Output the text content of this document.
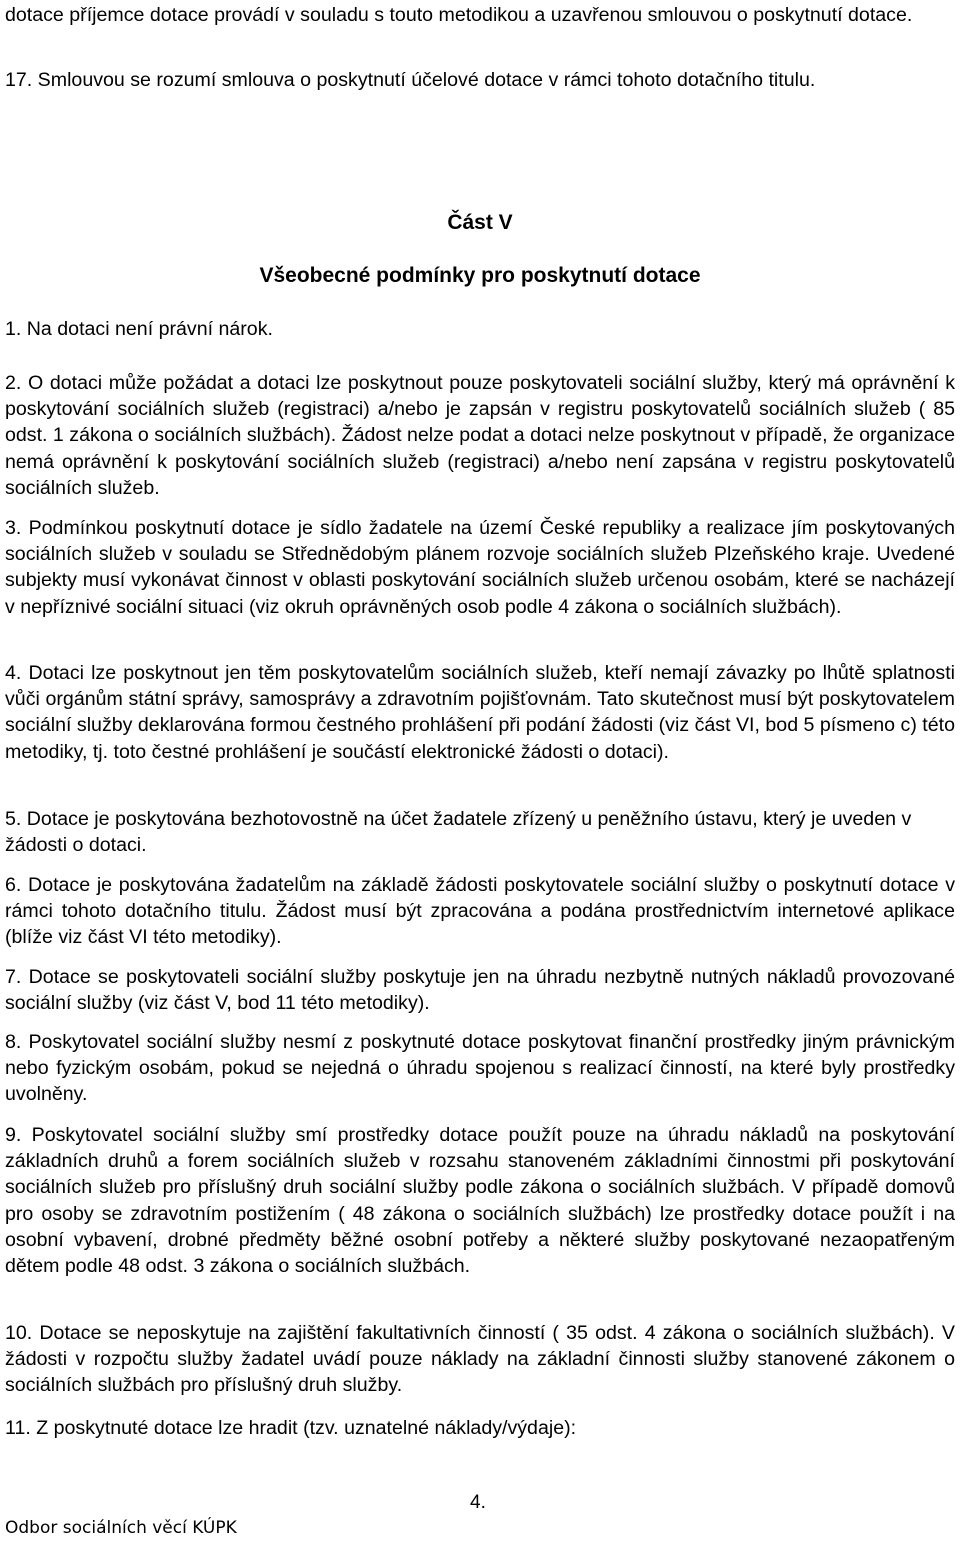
dotace příjemce dotace provádí v souladu s touto metodikou a uzavřenou smlouvou o poskytnutí dotace.

17. Smlouvou se rozumí smlouva o poskytnutí účelové dotace v rámci tohoto dotačního titulu.

Část V
Všeobecné podmínky pro poskytnutí dotace

1. Na dotaci není právní nárok.

2. O dotaci může požádat a dotaci lze poskytnout pouze poskytovateli sociální služby, který má oprávnění k poskytování sociálních služeb (registraci) a/nebo je zapsán v registru poskytovatelů sociálních služeb ( 85 odst. 1 zákona o sociálních službách). Žádost nelze podat a dotaci nelze poskytnout v případě, že organizace nemá oprávnění k poskytování sociálních služeb (registraci) a/nebo není zapsána v registru poskytovatelů sociálních služeb.

3. Podmínkou poskytnutí dotace je sídlo žadatele na území České republiky a realizace jím poskytovaných sociálních služeb v souladu se Střednědobým plánem rozvoje sociálních služeb Plzeňského kraje. Uvedené subjekty musí vykonávat činnost v oblasti poskytování sociálních služeb určenou osobám, které se nacházejí v nepříznivé sociální situaci (viz okruh oprávněných osob podle 4 zákona o sociálních službách).

4. Dotaci lze poskytnout jen těm poskytovatelům sociálních služeb, kteří nemají závazky po lhůtě splatnosti vůči orgánům státní správy, samosprávy a zdravotním pojišťovnám. Tato skutečnost musí být poskytovatelem sociální služby deklarována formou čestného prohlášení při podání žádosti (viz část VI, bod 5 písmeno c) této metodiky, tj. toto čestné prohlášení je součástí elektronické žádosti o dotaci).

5. Dotace je poskytována bezhotovostně na účet žadatele zřízený u peněžního ústavu, který je uveden v žádosti o dotaci.

6. Dotace je poskytována žadatelům na základě žádosti poskytovatele sociální služby o poskytnutí dotace v rámci tohoto dotačního titulu. Žádost musí být zpracována a podána prostřednictvím internetové aplikace (blíže viz část VI této metodiky).

7. Dotace se poskytovateli sociální služby poskytuje jen na úhradu nezbytně nutných nákladů provozované sociální služby (viz část V, bod 11 této metodiky).

8. Poskytovatel sociální služby nesmí z poskytnuté dotace poskytovat finanční prostředky jiným právnickým nebo fyzickým osobám, pokud se nejedná o úhradu spojenou s realizací činností, na které byly prostředky uvolněny.

9. Poskytovatel sociální služby smí prostředky dotace použít pouze na úhradu nákladů na poskytování základních druhů a forem sociálních služeb v rozsahu stanoveném základními činnostmi při poskytování sociálních služeb pro příslušný druh sociální služby podle zákona o sociálních službách. V případě domovů pro osoby se zdravotním postižením ( 48 zákona o sociálních službách) lze prostředky dotace použít i na osobní vybavení, drobné předměty běžné osobní potřeby a některé služby poskytované nezaopatřeným dětem podle 48 odst. 3 zákona o sociálních službách.

10. Dotace se neposkytuje na zajištění fakultativních činností ( 35 odst. 4 zákona o sociálních službách). V žádosti v rozpočtu služby žadatel uvádí pouze náklady na základní činnosti služby stanovené zákonem o sociálních službách pro příslušný druh služby.

11. Z poskytnuté dotace lze hradit (tzv. uznatelné náklady/výdaje):

4.
Odbor sociálních věcí KÚPK
